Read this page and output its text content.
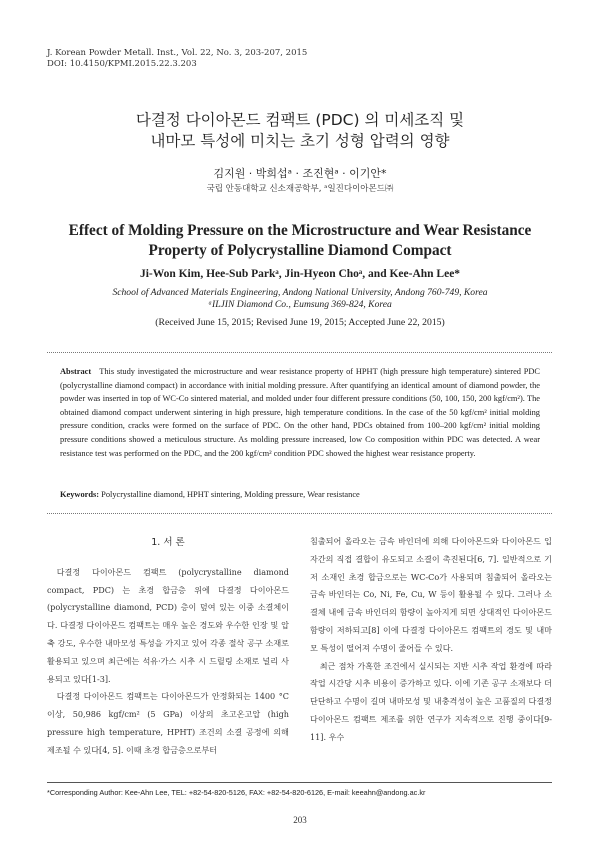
J. Korean Powder Metall. Inst., Vol. 22, No. 3, 203-207, 2015
DOI: 10.4150/KPMI.2015.22.3.203
다결정 다이아몬드 컴팩트 (PDC) 의 미세조직 및
내마모 특성에 미치는 초기 성형 압력의 영향
김지원 · 박희섭ᵃ · 조진현ᵃ · 이기안*
국립 안동대학교 신소재공학부, ᵃ일진다이아몬드㈜
Effect of Molding Pressure on the Microstructure and Wear Resistance
Property of Polycrystalline Diamond Compact
Ji-Won Kim, Hee-Sub Parkᵃ, Jin-Hyeon Choᵃ, and Kee-Ahn Lee*
School of Advanced Materials Engineering, Andong National University, Andong 760-749, Korea
ᵃILJIN Diamond Co., Eumsung 369-824, Korea
(Received June 15, 2015; Revised June 19, 2015; Accepted June 22, 2015)
Abstract This study investigated the microstructure and wear resistance property of HPHT (high pressure high temperature) sintered PDC (polycrystalline diamond compact) in accordance with initial molding pressure. After quantifying an identical amount of diamond powder, the powder was inserted in top of WC-Co sintered material, and molded under four different pressure conditions (50, 100, 150, 200 kgf/cm²). The obtained diamond compact underwent sintering in high pressure, high temperature conditions. In the case of the 50 kgf/cm² initial molding pressure condition, cracks were formed on the surface of PDC. On the other hand, PDCs obtained from 100–200 kgf/cm² initial molding pressure conditions showed a meticulous structure. As molding pressure increased, low Co composition within PDC was detected. A wear resistance test was performed on the PDC, and the 200 kgf/cm² condition PDC showed the highest wear resistance property.
Keywords: Polycrystalline diamond, HPHT sintering, Molding pressure, Wear resistance
1. 서 론

다결정 다이아몬드 컴팩트 (polycrystalline diamond compact, PDC) 는 초경 합금층 위에 다결정 다이아몬드 (polycrystalline diamond, PCD) 층이 덮여 있는 이중 소결체이다. 다결정 다이아몬드 컴팩트는 매우 높은 경도와 우수한 인장 및 압축 강도, 우수한 내마모성 특성을 가지고 있어 각종 절삭 공구 소재로 활용되고 있으며 최근에는 석유·가스 시추 시 드릴링 소재로 널리 사용되고 있다[1-3].

다결정 다이아몬드 컴팩트는 다이아몬드가 안정화되는 1400 °C 이상, 50,986 kgf/cm² (5 GPa) 이상의 초고온고압 (high pressure high temperature, HPHT) 조건의 소결 공정에 의해 제조될 수 있다[4, 5]. 이때 초경 합금층으로부터

침출되어 올라오는 금속 바인더에 의해 다이아몬드와 다이아몬드 입자간의 직접 결합이 유도되고 소결이 촉진된다[6, 7]. 일반적으로 기저 소재인 초경 합금으로는 WC-Co가 사용되며 침출되어 올라오는 금속 바인더는 Co, Ni, Fe, Cu, W 등이 활용될 수 있다. 그러나 소결체 내에 금속 바인더의 함량이 높아지게 되면 상대적인 다이아몬드 함량이 저하되고[8] 이에 다결정 다이아몬드 컴팩트의 경도 및 내마모 특성이 떨어져 수명이 줄어들 수 있다.

최근 점차 가혹한 조건에서 실시되는 지반 시추 작업 환경에 따라 작업 시간당 시추 비용이 증가하고 있다. 이에 기존 공구 소재보다 더 단단하고 수명이 길며 내마모성 및 내충격성이 높은 고품질의 다결정 다이아몬드 컴팩트 제조를 위한 연구가 지속적으로 진행 중이다[9-11]. 우수

*Corresponding Author: Kee-Ahn Lee, TEL: +82-54-820-5126, FAX: +82-54-820-6126, E-mail: keeahn@andong.ac.kr
203
